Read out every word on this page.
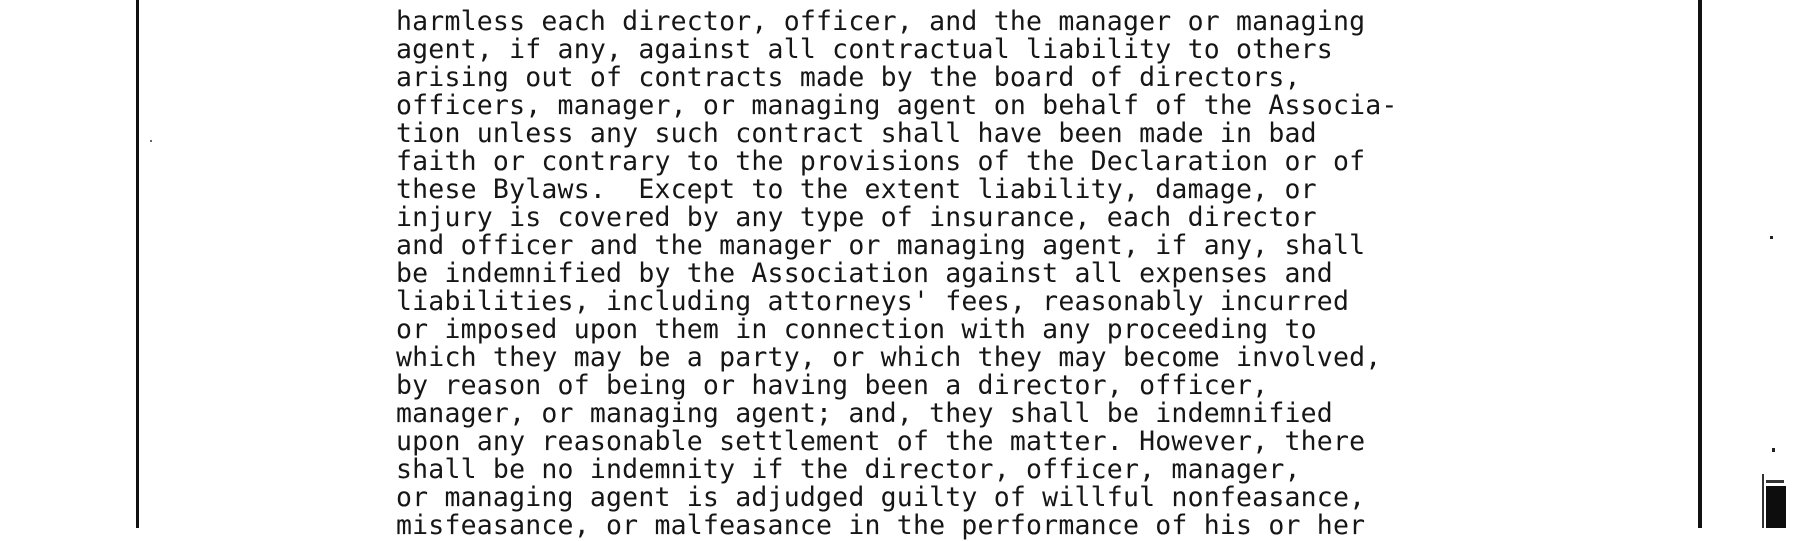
harmless each director, officer, and the manager or managing
agent, if any, against all contractual liability to others
arising out of contracts made by the board of directors,
officers, manager, or managing agent on behalf of the Associa-
tion unless any such contract shall have been made in bad
faith or contrary to the provisions of the Declaration or of
these Bylaws.  Except to the extent liability, damage, or
injury is covered by any type of insurance, each director
and officer and the manager or managing agent, if any, shall
be indemnified by the Association against all expenses and
liabilities, including attorneys' fees, reasonably incurred
or imposed upon them in connection with any proceeding to
which they may be a party, or which they may become involved,
by reason of being or having been a director, officer,
manager, or managing agent; and, they shall be indemnified
upon any reasonable settlement of the matter. However, there
shall be no indemnity if the director, officer, manager,
or managing agent is adjudged guilty of willful nonfeasance,
misfeasance, or malfeasance in the performance of his or her
